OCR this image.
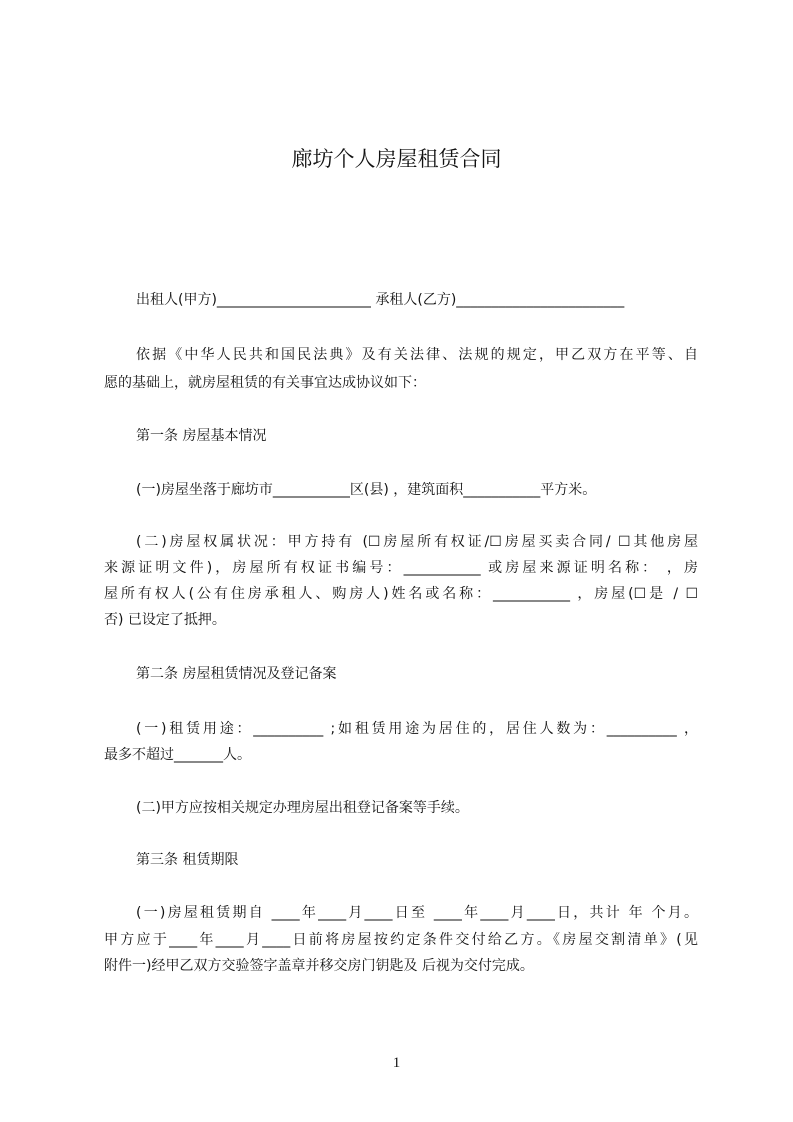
廊坊个人房屋租赁合同
出租人(甲方)______________________ 承租人(乙方)________________________
依据《中华人民共和国民法典》及有关法律、法规的规定，甲乙双方在平等、自
愿的基础上，就房屋租赁的有关事宜达成协议如下：
第一条 房屋基本情况
(一)房屋坐落于廊坊市___________区(县) ，建筑面积___________平方米。
(二)房屋权属状况：甲方持有 (☐房屋所有权证/☐房屋买卖合同/ ☐其他房屋
来源证明文件)，房屋所有权证书编号：___________ 或房屋来源证明名称： ，房
屋所有权人(公有住房承租人、购房人)姓名或名称：___________ ，房屋(☐是 / ☐
否) 已设定了抵押。
第二条 房屋租赁情况及登记备案
(一)租赁用途：__________ ;如租赁用途为居住的，居住人数为：__________ ，
最多不超过_______人。
(二)甲方应按相关规定办理房屋出租登记备案等手续。
第三条 租赁期限
(一)房屋租赁期自 ____年____月____日至 ____年____月____日，共计 年 个月。
甲方应于____年____月____日前将房屋按约定条件交付给乙方。《房屋交割清单》(见
附件一)经甲乙双方交验签字盖章并移交房门钥匙及 后视为交付完成。
1
